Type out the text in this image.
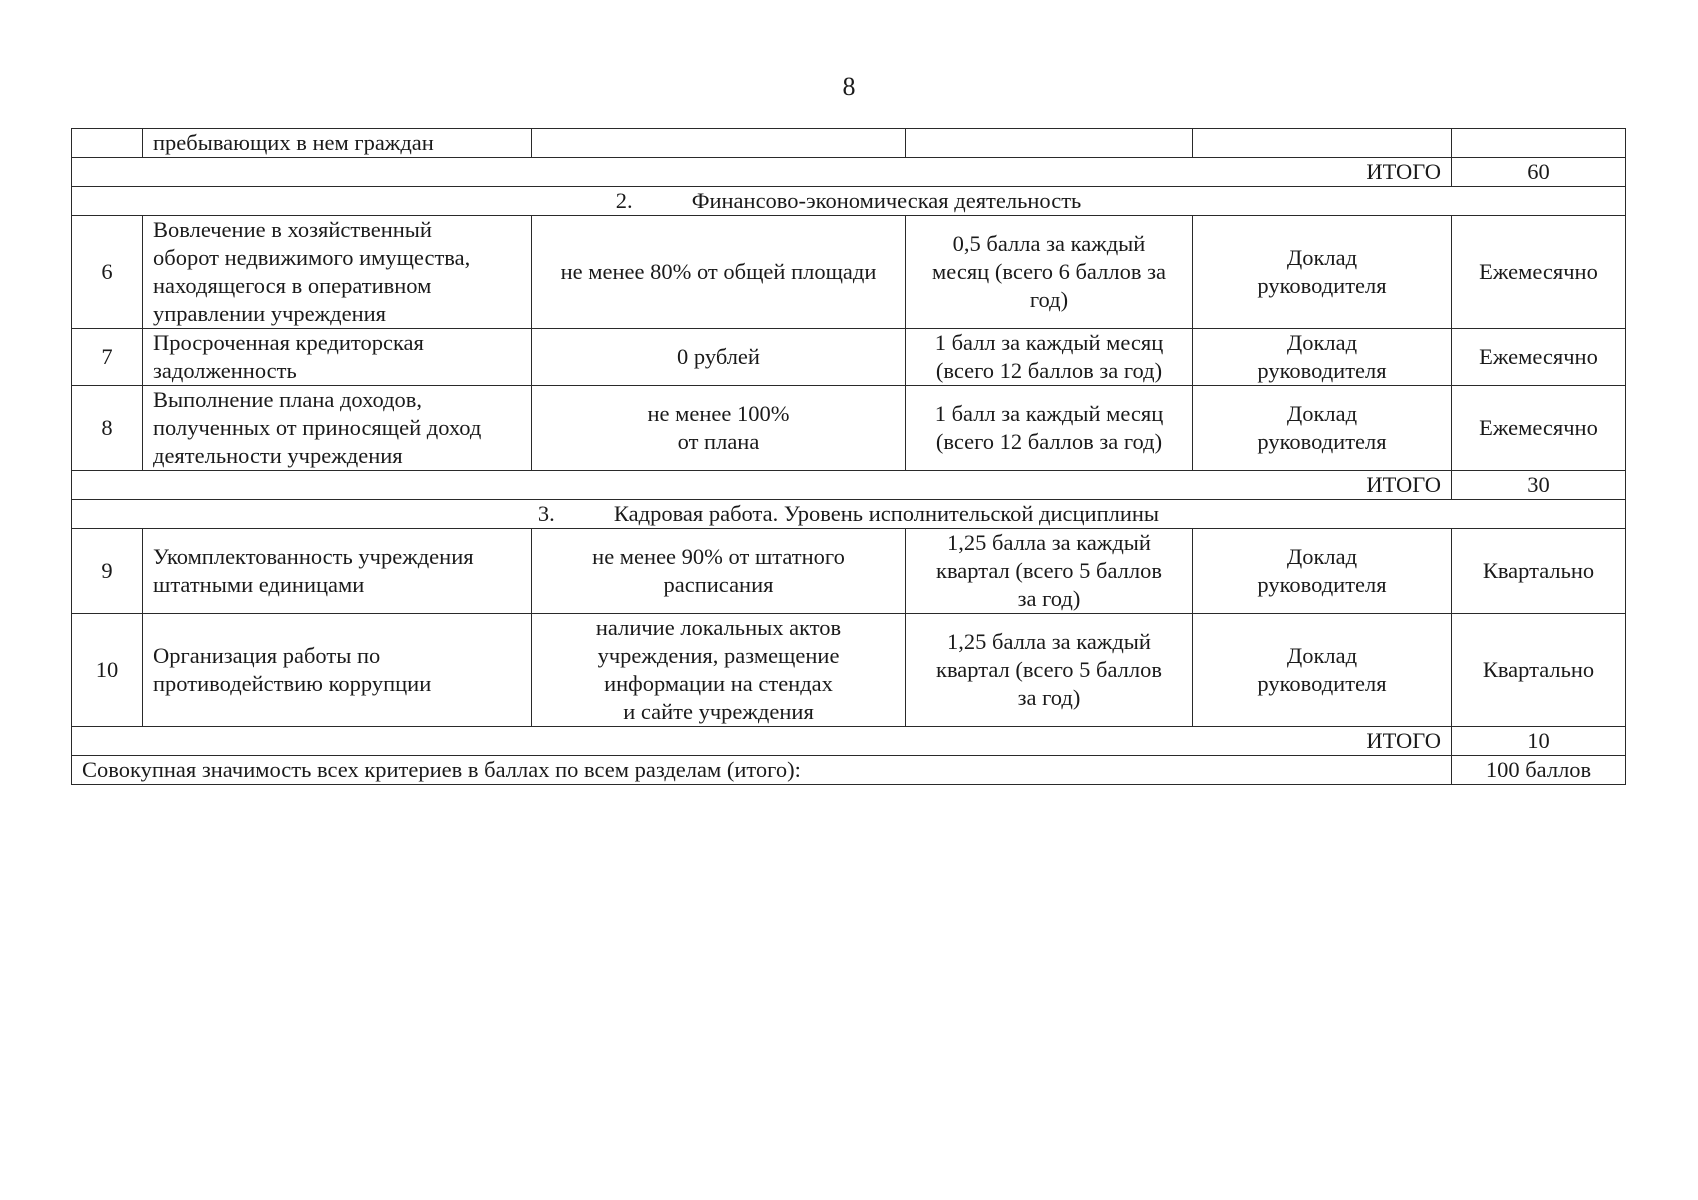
8
	пребывающих в нем граждан				
ИТОГО					60
2. Финансово-экономическая деятельность					
6	Вовлечение в хозяйственный
оборот недвижимого имущества,
находящегося в оперативном
управлении учреждения	не менее 80% от общей площади	0,5 балла за каждый
месяц (всего 6 баллов за
год)	Доклад
руководителя	Ежемесячно
7	Просроченная кредиторская
задолженность	0 рублей	1 балл за каждый месяц
(всего 12 баллов за год)	Доклад
руководителя	Ежемесячно
8	Выполнение плана доходов,
полученных от приносящей доход
деятельности учреждения	не менее 100%
от плана	1 балл за каждый месяц
(всего 12 баллов за год)	Доклад
руководителя	Ежемесячно
ИТОГО					30
3. Кадровая работа. Уровень исполнительской дисциплины					
9	Укомплектованность учреждения
штатными единицами	не менее 90% от штатного
расписания	1,25 балла за каждый
квартал (всего 5 баллов
за год)	Доклад
руководителя	Квартально
10	Организация работы по
противодействию коррупции	наличие локальных актов
учреждения, размещение
информации на стендах
и сайте учреждения	1,25 балла за каждый
квартал (всего 5 баллов
за год)	Доклад
руководителя	Квартально
ИТОГО					10
Совокупная значимость всех критериев в баллах по всем разделам (итого):					100 баллов
